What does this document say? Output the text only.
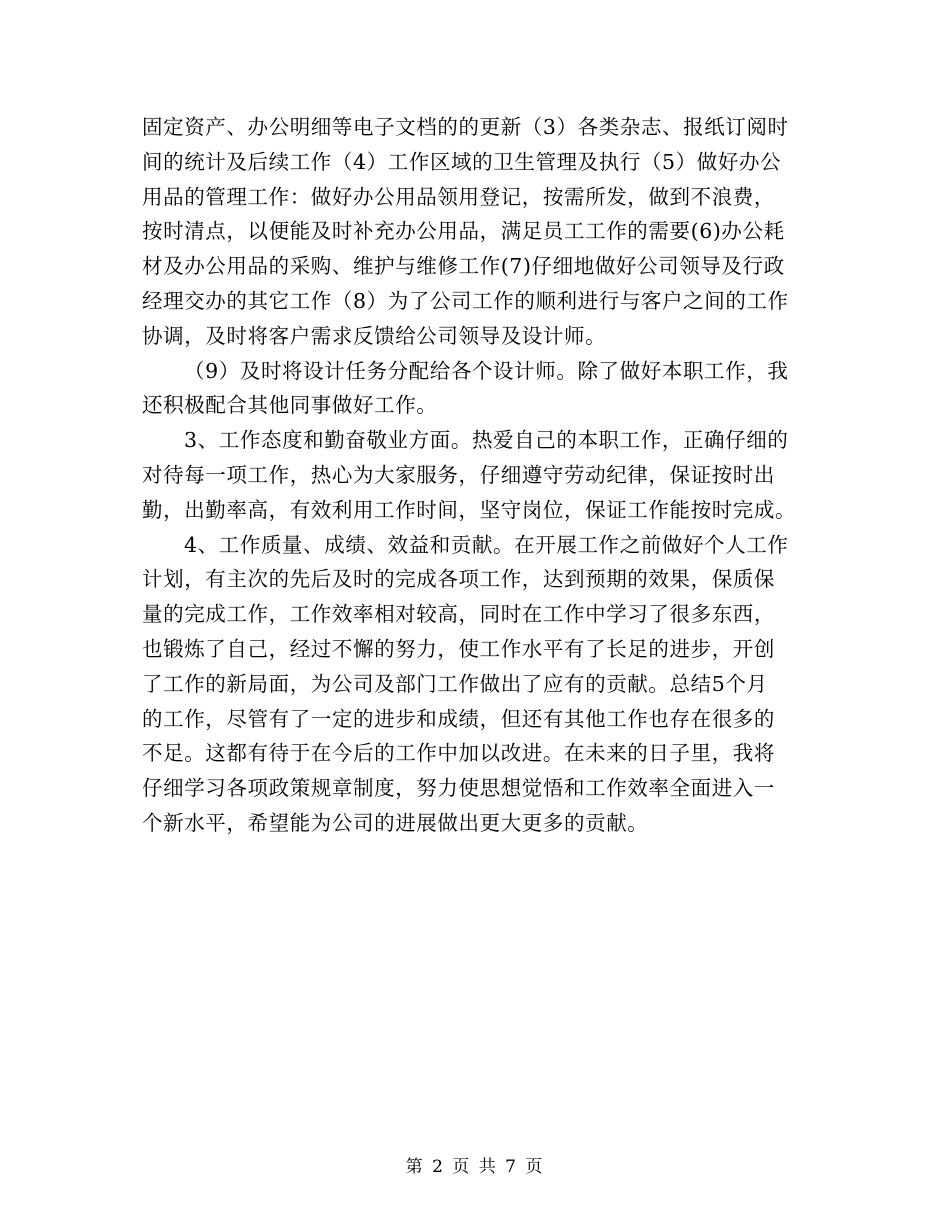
固定资产、办公明细等电子文档的的更新（3）各类杂志、报纸订阅时
间的统计及后续工作（4）工作区域的卫生管理及执行（5）做好办公
用品的管理工作：做好办公用品领用登记，按需所发，做到不浪费，
按时清点，以便能及时补充办公用品，满足员工工作的需要(6)办公耗
材及办公用品的采购、维护与维修工作(7)仔细地做好公司领导及行政
经理交办的其它工作（8）为了公司工作的顺利进行与客户之间的工作
协调，及时将客户需求反馈给公司领导及设计师。
（9）及时将设计任务分配给各个设计师。除了做好本职工作，我
还积极配合其他同事做好工作。
3、工作态度和勤奋敬业方面。热爱自己的本职工作，正确仔细的
对待每一项工作，热心为大家服务，仔细遵守劳动纪律，保证按时出
勤，出勤率高，有效利用工作时间，坚守岗位，保证工作能按时完成。
4、工作质量、成绩、效益和贡献。在开展工作之前做好个人工作
计划，有主次的先后及时的完成各项工作，达到预期的效果，保质保
量的完成工作，工作效率相对较高，同时在工作中学习了很多东西，
也锻炼了自己，经过不懈的努力，使工作水平有了长足的进步，开创
了工作的新局面，为公司及部门工作做出了应有的贡献。总结5个月
的工作，尽管有了一定的进步和成绩，但还有其他工作也存在很多的
不足。这都有待于在今后的工作中加以改进。在未来的日子里，我将
仔细学习各项政策规章制度，努力使思想觉悟和工作效率全面进入一
个新水平，希望能为公司的进展做出更大更多的贡献。
第 2 页 共 7 页
